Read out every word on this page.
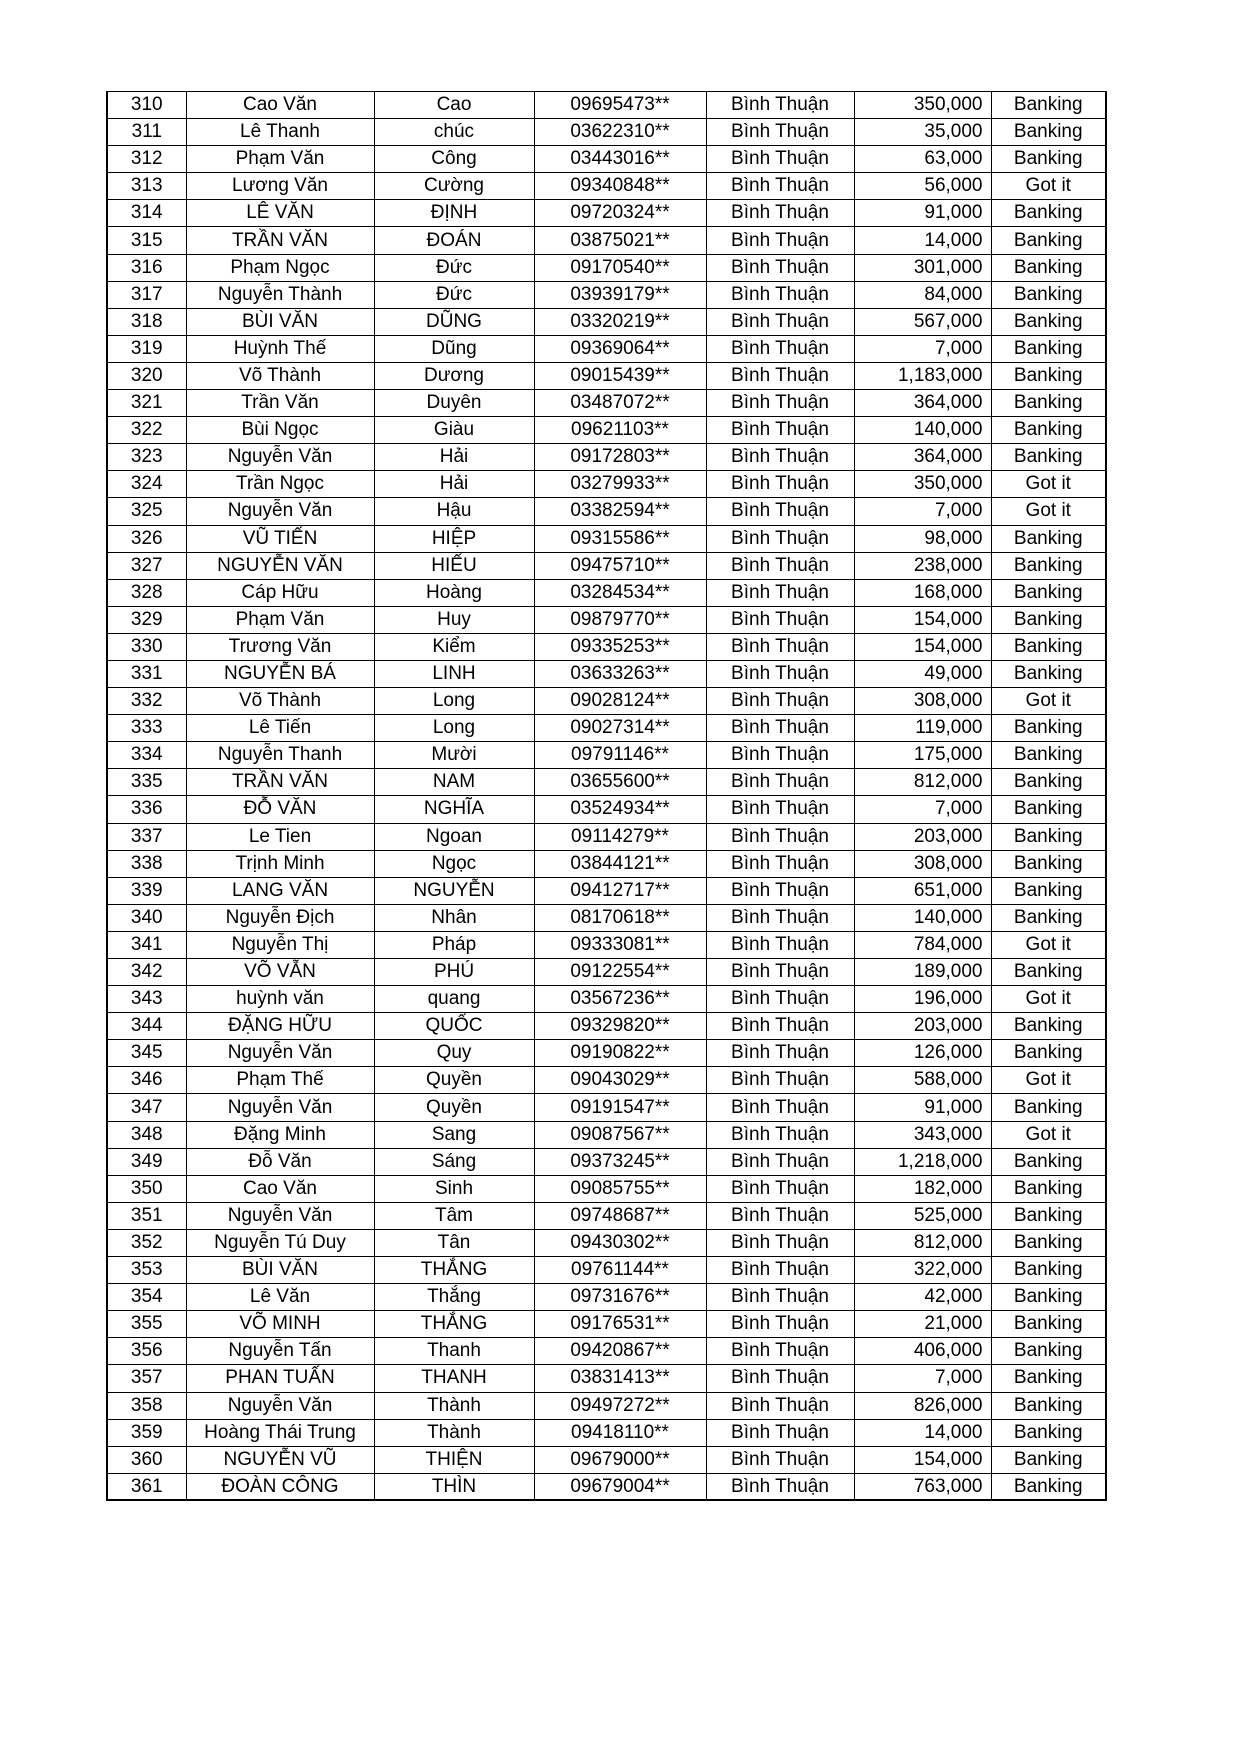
310	Cao Văn	Cao	09695473**	Bình Thuận	350,000	Banking
311	Lê Thanh	chúc	03622310**	Bình Thuận	35,000	Banking
312	Phạm Văn	Công	03443016**	Bình Thuận	63,000	Banking
313	Lương Văn	Cường	09340848**	Bình Thuận	56,000	Got it
314	LÊ VĂN	ĐỊNH	09720324**	Bình Thuận	91,000	Banking
315	TRẦN VĂN	ĐOÁN	03875021**	Bình Thuận	14,000	Banking
316	Phạm Ngọc	Đức	09170540**	Bình Thuận	301,000	Banking
317	Nguyễn Thành	Đức	03939179**	Bình Thuận	84,000	Banking
318	BÙI VĂN	DŨNG	03320219**	Bình Thuận	567,000	Banking
319	Huỳnh Thế	Dũng	09369064**	Bình Thuận	7,000	Banking
320	Võ Thành	Dương	09015439**	Bình Thuận	1,183,000	Banking
321	Trần Văn	Duyên	03487072**	Bình Thuận	364,000	Banking
322	Bùi Ngọc	Giàu	09621103**	Bình Thuận	140,000	Banking
323	Nguyễn Văn	Hải	09172803**	Bình Thuận	364,000	Banking
324	Trần Ngọc	Hải	03279933**	Bình Thuận	350,000	Got it
325	Nguyễn Văn	Hậu	03382594**	Bình Thuận	7,000	Got it
326	VŨ TIẾN	HIỆP	09315586**	Bình Thuận	98,000	Banking
327	NGUYỄN VĂN	HIẾU	09475710**	Bình Thuận	238,000	Banking
328	Cáp Hữu	Hoàng	03284534**	Bình Thuận	168,000	Banking
329	Phạm Văn	Huy	09879770**	Bình Thuận	154,000	Banking
330	Trương Văn	Kiểm	09335253**	Bình Thuận	154,000	Banking
331	NGUYỄN BÁ	LINH	03633263**	Bình Thuận	49,000	Banking
332	Võ Thành	Long	09028124**	Bình Thuận	308,000	Got it
333	Lê Tiến	Long	09027314**	Bình Thuận	119,000	Banking
334	Nguyễn Thanh	Mười	09791146**	Bình Thuận	175,000	Banking
335	TRẦN VĂN	NAM	03655600**	Bình Thuận	812,000	Banking
336	ĐỖ VĂN	NGHĨA	03524934**	Bình Thuận	7,000	Banking
337	Le Tien	Ngoan	09114279**	Bình Thuận	203,000	Banking
338	Trịnh Minh	Ngọc	03844121**	Bình Thuận	308,000	Banking
339	LANG VĂN	NGUYỄN	09412717**	Bình Thuận	651,000	Banking
340	Nguyễn Địch	Nhân	08170618**	Bình Thuận	140,000	Banking
341	Nguyễn Thị	Pháp	09333081**	Bình Thuận	784,000	Got it
342	VÕ VẪN	PHÚ	09122554**	Bình Thuận	189,000	Banking
343	huỳnh văn	quang	03567236**	Bình Thuận	196,000	Got it
344	ĐẶNG HỮU	QUỐC	09329820**	Bình Thuận	203,000	Banking
345	Nguyễn Văn	Quy	09190822**	Bình Thuận	126,000	Banking
346	Phạm Thế	Quyền	09043029**	Bình Thuận	588,000	Got it
347	Nguyễn Văn	Quyền	09191547**	Bình Thuận	91,000	Banking
348	Đặng Minh	Sang	09087567**	Bình Thuận	343,000	Got it
349	Đỗ Văn	Sáng	09373245**	Bình Thuận	1,218,000	Banking
350	Cao Văn	Sinh	09085755**	Bình Thuận	182,000	Banking
351	Nguyễn Văn	Tâm	09748687**	Bình Thuận	525,000	Banking
352	Nguyễn Tú Duy	Tân	09430302**	Bình Thuận	812,000	Banking
353	BÙI VĂN	THẮNG	09761144**	Bình Thuận	322,000	Banking
354	Lê Văn	Thắng	09731676**	Bình Thuận	42,000	Banking
355	VÕ MINH	THẮNG	09176531**	Bình Thuận	21,000	Banking
356	Nguyễn Tấn	Thanh	09420867**	Bình Thuận	406,000	Banking
357	PHAN TUẤN	THANH	03831413**	Bình Thuận	7,000	Banking
358	Nguyễn Văn	Thành	09497272**	Bình Thuận	826,000	Banking
359	Hoàng Thái Trung	Thành	09418110**	Bình Thuận	14,000	Banking
360	NGUYỄN VŨ	THIỆN	09679000**	Bình Thuận	154,000	Banking
361	ĐOÀN CÔNG	THÌN	09679004**	Bình Thuận	763,000	Banking
